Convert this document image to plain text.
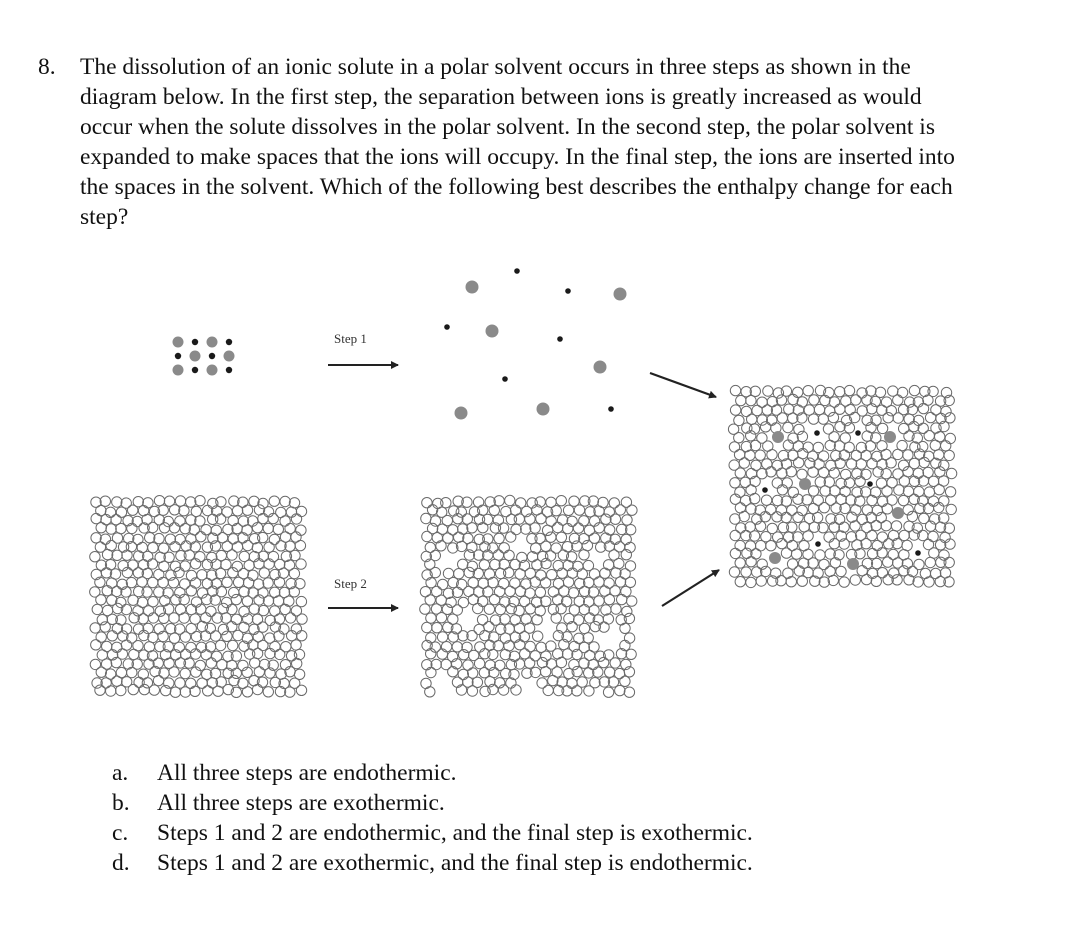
8.	The dissolution of an ionic solute in a polar solvent occurs in three steps as shown in the
diagram below. In the first step, the separation between ions is greatly increased as would
occur when the solute dissolves in the polar solvent. In the second step, the polar solvent is
expanded to make spaces that the ions will occupy. In the final step, the ions are inserted into
the spaces in the solvent. Which of the following best describes the enthalpy change for each
step?
Step 1
Step 2
a.	All three steps are endothermic.
b.	All three steps are exothermic.
c.	Steps 1 and 2 are endothermic, and the final step is exothermic.
d.	Steps 1 and 2 are exothermic, and the final step is endothermic.
